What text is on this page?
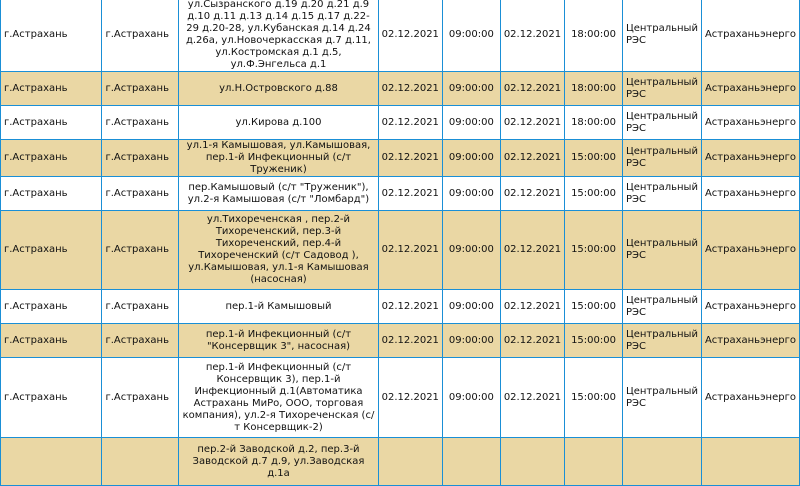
г.Астрахань	г.Астрахань	ул.Сызранского д.19 д.20 д.21 д.9 д.10 д.11 д.13 д.14 д.15 д.17 д.22-29 д.20-28, ул.Кубанская д.14 д.24 д.26а, ул.Новочеркасская д.7 д.11, ул.Костромская д.1 д.5, ул.Ф.Энгельса д.1	02.12.2021	09:00:00	02.12.2021	18:00:00	Центральный РЭС	Астраханьэнерго
г.Астрахань	г.Астрахань	ул.Н.Островского д.88	02.12.2021	09:00:00	02.12.2021	18:00:00	Центральный РЭС	Астраханьэнерго
г.Астрахань	г.Астрахань	ул.Кирова д.100	02.12.2021	09:00:00	02.12.2021	18:00:00	Центральный РЭС	Астраханьэнерго
г.Астрахань	г.Астрахань	ул.1-я Камышовая, ул.Камышовая, пер.1-й Инфекционный (с/т Труженик)	02.12.2021	09:00:00	02.12.2021	15:00:00	Центральный РЭС	Астраханьэнерго
г.Астрахань	г.Астрахань	пер.Камышовый (с/т "Труженик"), ул.2-я Камышовая (с/т "Ломбард")	02.12.2021	09:00:00	02.12.2021	15:00:00	Центральный РЭС	Астраханьэнерго
г.Астрахань	г.Астрахань	ул.Тихореченская , пер.2-й Тихореченский, пер.3-й Тихореченский, пер.4-й Тихореченский (с/т Садовод ), ул.Камышовая, ул.1-я Камышовая (насосная)	02.12.2021	09:00:00	02.12.2021	15:00:00	Центральный РЭС	Астраханьэнерго
г.Астрахань	г.Астрахань	пер.1-й Камышовый	02.12.2021	09:00:00	02.12.2021	15:00:00	Центральный РЭС	Астраханьэнерго
г.Астрахань	г.Астрахань	пер.1-й Инфекционный (с/т "Консервщик 3", насосная)	02.12.2021	09:00:00	02.12.2021	15:00:00	Центральный РЭС	Астраханьэнерго
г.Астрахань	г.Астрахань	пер.1-й Инфекционный (с/т Консервщик 3), пер.1-й Инфекционный д.1(Автоматика Астрахань МиРо, ООО, торговая компания), ул.2-я Тихореченская (с/т Консервщик-2)	02.12.2021	09:00:00	02.12.2021	15:00:00	Центральный РЭС	Астраханьэнерго
		пер.2-й Заводской д.2, пер.3-й Заводской д.7 д.9, ул.Заводская д.1а						
